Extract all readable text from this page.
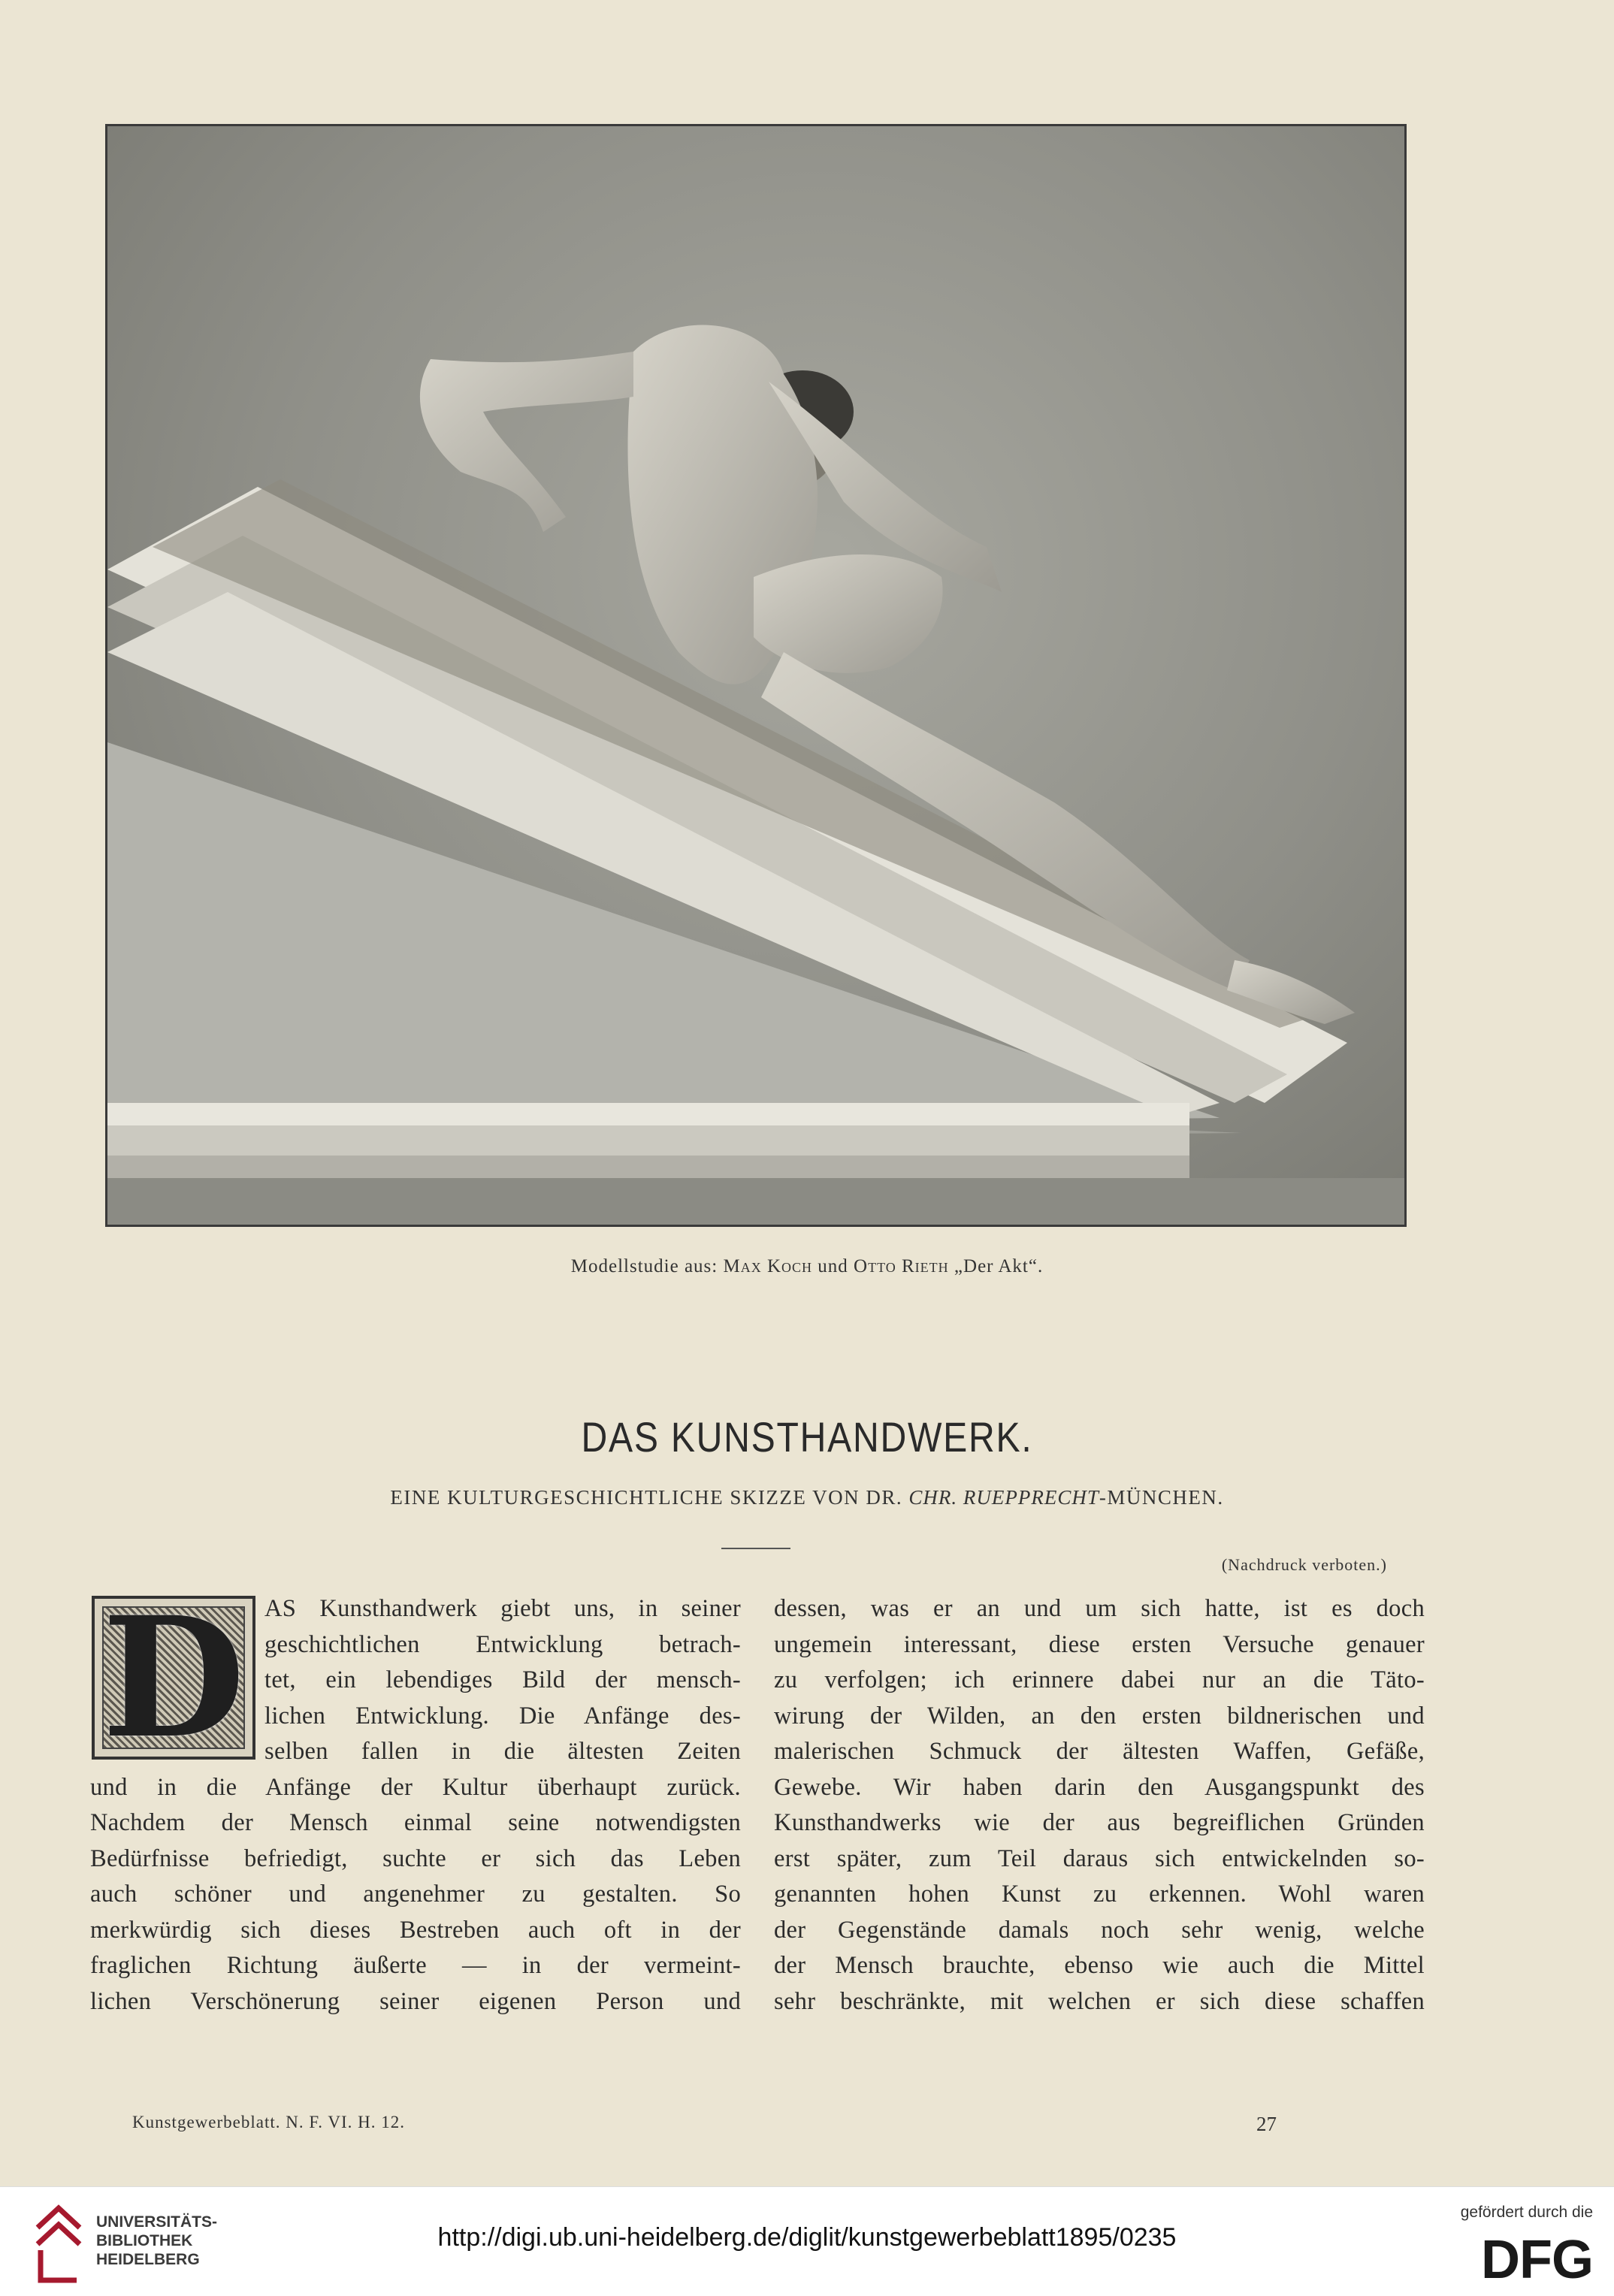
Modellstudie aus: Max Koch und Otto Rieth „Der Akt“.
DAS KUNSTHANDWERK.
EINE KULTURGESCHICHTLICHE SKIZZE VON DR. CHR. RUEPPRECHT-MÜNCHEN.
(Nachdruck verboten.)
D AS Kunsthandwerk giebt uns, in seiner
geschichtlichen Entwicklung betrach-
tet, ein lebendiges Bild der mensch-
lichen Entwicklung. Die Anfänge des-
selben fallen in die ältesten Zeiten
und in die Anfänge der Kultur überhaupt zurück.
Nachdem der Mensch einmal seine notwendigsten
Bedürfnisse befriedigt, suchte er sich das Leben
auch schöner und angenehmer zu gestalten. So
merkwürdig sich dieses Bestreben auch oft in der
fraglichen Richtung äußerte — in der vermeint-
lichen Verschönerung seiner eigenen Person und
dessen, was er an und um sich hatte, ist es doch
ungemein interessant, diese ersten Versuche genauer
zu verfolgen; ich erinnere dabei nur an die Täto-
wirung der Wilden, an den ersten bildnerischen und
malerischen Schmuck der ältesten Waffen, Gefäße,
Gewebe. Wir haben darin den Ausgangspunkt des
Kunsthandwerks wie der aus begreiflichen Gründen
erst später, zum Teil daraus sich entwickelnden so-
genannten hohen Kunst zu erkennen. Wohl waren
der Gegenstände damals noch sehr wenig, welche
der Mensch brauchte, ebenso wie auch die Mittel
sehr beschränkte, mit welchen er sich diese schaffen
Kunstgewerbeblatt. N. F. VI. H. 12.	27
UNIVERSITÄTS-
BIBLIOTHEK
HEIDELBERG
http://digi.ub.uni-heidelberg.de/diglit/kunstgewerbeblatt1895/0235
gefördert durch die
DFG
